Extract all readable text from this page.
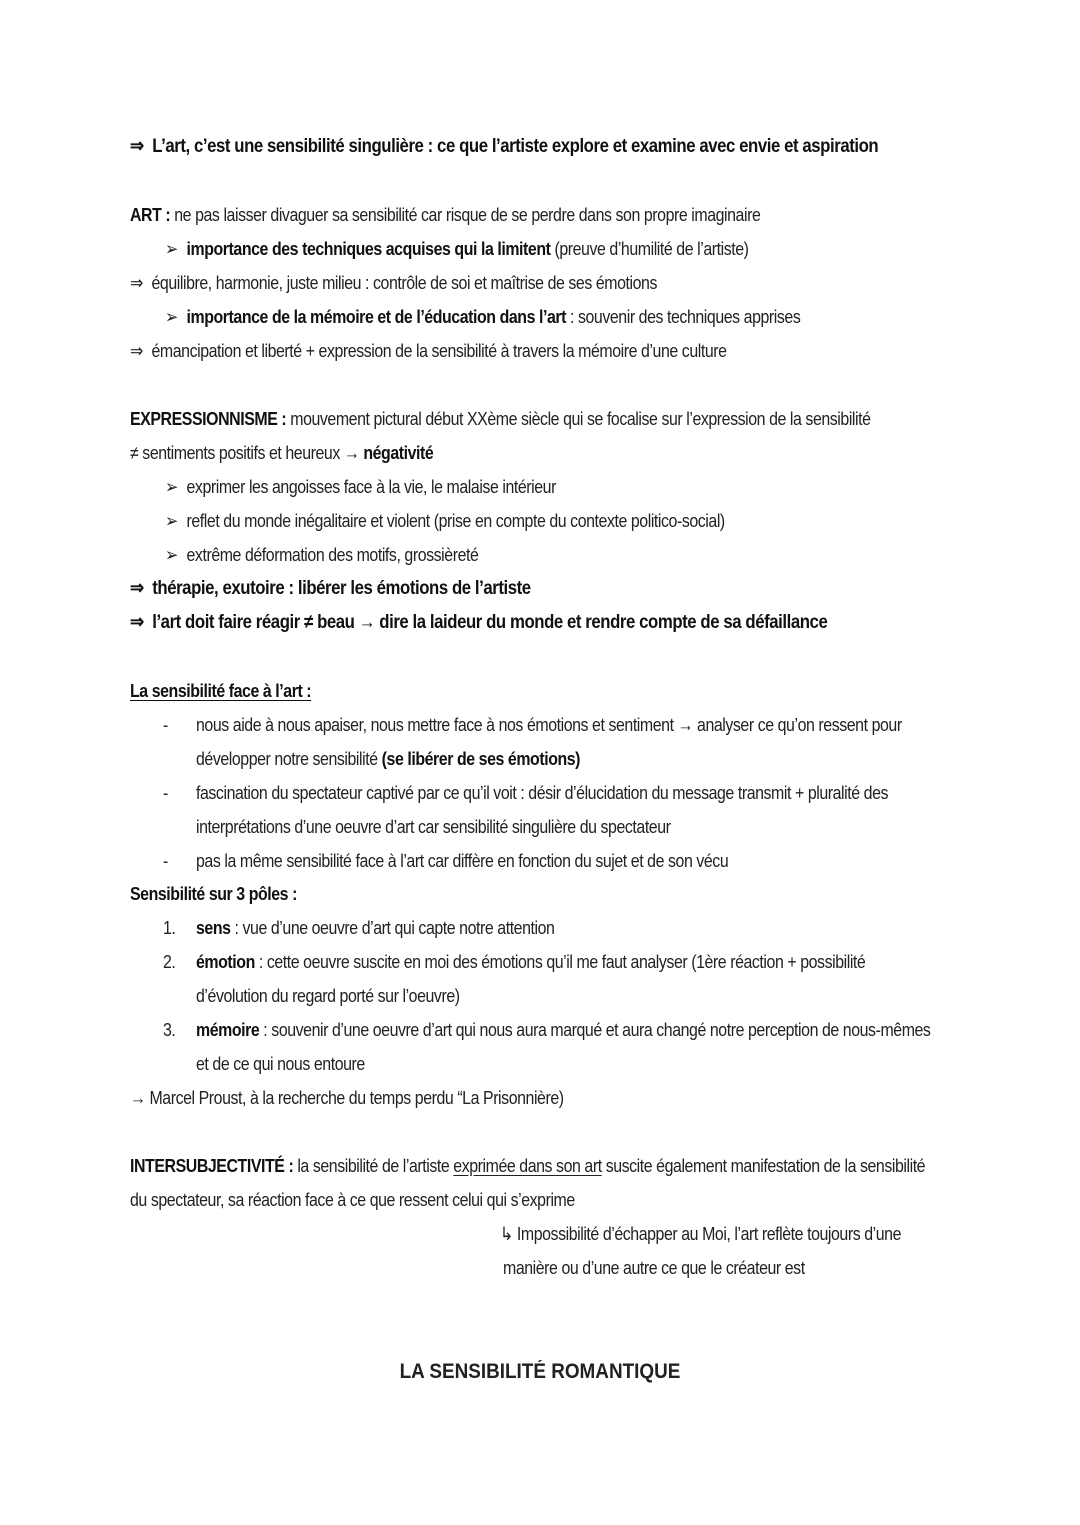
⇒ L’art, c’est une sensibilité singulière : ce que l’artiste explore et examine avec envie et aspiration
ART : ne pas laisser divaguer sa sensibilité car risque de se perdre dans son propre imaginaire
➢ importance des techniques acquises qui la limitent (preuve d’humilité de l’artiste)
⇒ équilibre, harmonie, juste milieu : contrôle de soi et maîtrise de ses émotions
➢ importance de la mémoire et de l’éducation dans l’art : souvenir des techniques apprises
⇒ émancipation et liberté + expression de la sensibilité à travers la mémoire d’une culture
EXPRESSIONNISME : mouvement pictural début XXème siècle qui se focalise sur l’expression de la sensibilité
≠ sentiments positifs et heureux → négativité
➢ exprimer les angoisses face à la vie, le malaise intérieur
➢ reflet du monde inégalitaire et violent (prise en compte du contexte politico-social)
➢ extrême déformation des motifs, grossièreté
⇒ thérapie, exutoire : libérer les émotions de l’artiste
⇒ l’art doit faire réagir ≠ beau → dire la laideur du monde et rendre compte de sa défaillance
La sensibilité face à l’art :
- nous aide à nous apaiser, nous mettre face à nos émotions et sentiment → analyser ce qu’on ressent pour
développer notre sensibilité (se libérer de ses émotions)
- fascination du spectateur captivé par ce qu’il voit : désir d’élucidation du message transmit + pluralité des
interprétations d’une oeuvre d’art car sensibilité singulière du spectateur
- pas la même sensibilité face à l’art car diffère en fonction du sujet et de son vécu
Sensibilité sur 3 pôles :
1. sens : vue d’une oeuvre d’art qui capte notre attention
2. émotion : cette oeuvre suscite en moi des émotions qu’il me faut analyser (1ère réaction + possibilité
d’évolution du regard porté sur l’oeuvre)
3. mémoire : souvenir d’une oeuvre d’art qui nous aura marqué et aura changé notre perception de nous-mêmes
et de ce qui nous entoure
→ Marcel Proust, à la recherche du temps perdu “La Prisonnière)
INTERSUBJECTIVITÉ : la sensibilité de l’artiste exprimée dans son art suscite également manifestation de la sensibilité
du spectateur, sa réaction face à ce que ressent celui qui s’exprime
↳ Impossibilité d’échapper au Moi, l’art reflète toujours d’une
manière ou d’une autre ce que le créateur est
LA SENSIBILITÉ ROMANTIQUE
